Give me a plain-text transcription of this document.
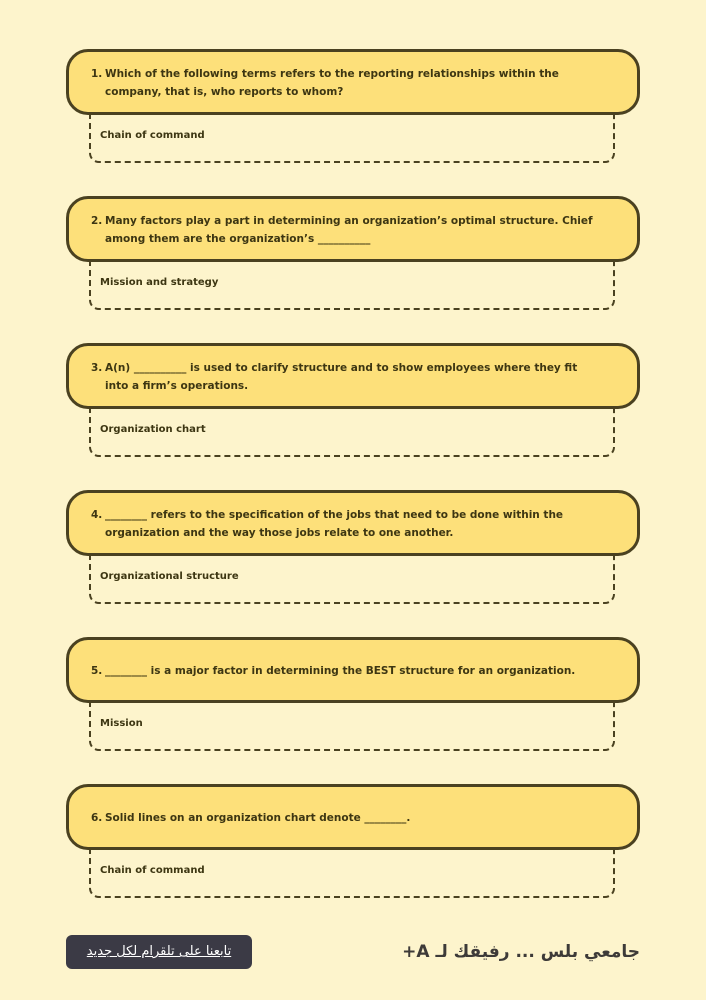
1. Which of the following terms refers to the reporting relationships within the
company, that is, who reports to whom?

Chain of command

2. Many factors play a part in determining an organization’s optimal structure. Chief
among them are the organization’s __________

Mission and strategy

3. A(n) __________ is used to clarify structure and to show employees where they fit
into a firm’s operations.

Organization chart

4. ________ refers to the specification of the jobs that need to be done within the
organization and the way those jobs relate to one another.

Organizational structure

5. ________ is a major factor in determining the BEST structure for an organization.

Mission

6. Solid lines on an organization chart denote ________.

Chain of command
تابعنا على تلقرام لكل جديد	جامعي بلس ... رفيقك لـ A+
